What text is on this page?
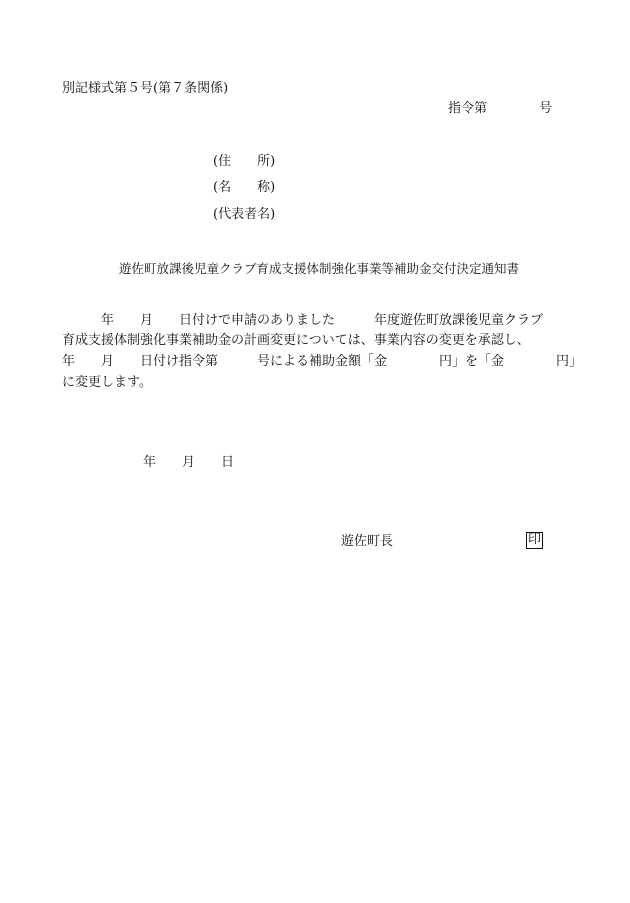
別記様式第５号(第７条関係)

指令第　　　　号

(住　　所)

(名　　称)

(代表者名)

遊佐町放課後児童クラブ育成支援体制強化事業等補助金交付決定通知書

　　　年　　月　　日付けで申請のありました　　　年度遊佐町放課後児童クラブ

育成支援体制強化事業補助金の計画変更については、事業内容の変更を承認し、

年　　月　　日付け指令第　　　号による補助金額「金　　　　円」を「金　　　　円」

に変更します。

年　　月　　日

遊佐町長	印
